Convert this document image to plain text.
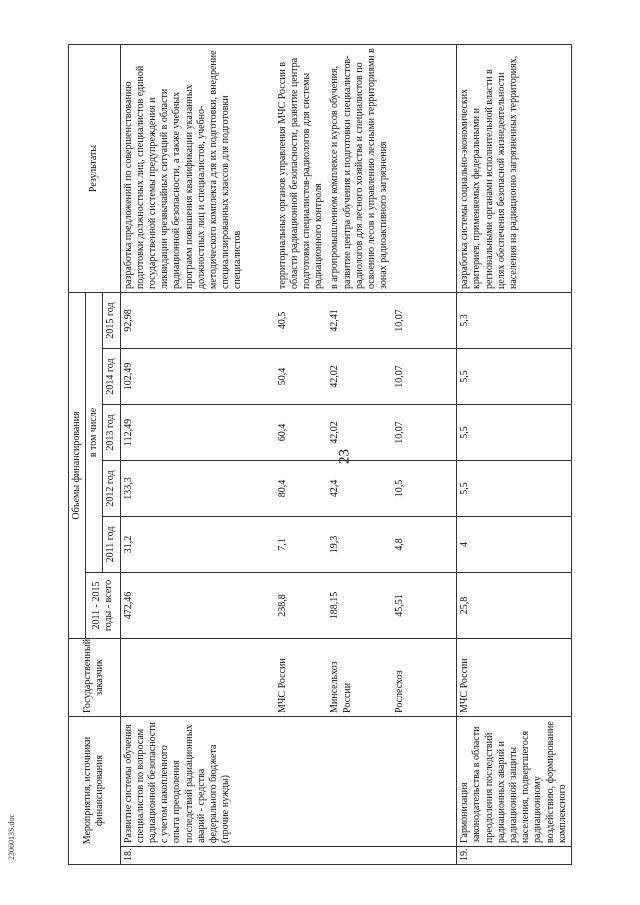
23
2306013S.doc	Мероприятия, источники финансирования		Государственный заказчик	Объемы финансирования						Результаты
			2011 - 2015 годы - всего	в том числе					
				2011 год	2012 год	2013 год	2014 год	2015 год	
18.	Развитие системы обучения специалистов по вопросам радиационной безопасности с учетом накопленного опыта преодоления последствий радиационных аварий - средства федерального бюджета (прочие нужды)		472,46	31,2	133,3	112,49	102,49	92,98	разработка предложений по совершенствованию подготовки должностных лиц, специалистов единой государственной системы предупреждения и ликвидации чрезвычайных ситуаций в области радиационной безопасности, а также учебных программ повышения квалификации указанных должностных лиц и специалистов, учебно-методического комплекта для их подготовки, внедрение специализированных классов для подготовки специалистов
		МЧС России	238,8	7,1	80,4	60,4	50,4	40,5	территориальных органов управления МЧС России в области радиационной безопасности, развитие центра подготовки специалистов-радиологов для системы радиационного контроля
		Минсельхоз России	188,15	19,3	42,4	42,02	42,02	42,41	в агропромышленном комплексе и курсов обучения, развитие центра обучения и подготовки специалистов-радиологов для лесного хозяйства и специалистов по освоению лесов и управлению лесными территориями в зонах радиоактивного загрязнения
		Рослесхоз	45,51	4,8	10,5	10,07	10,07	10,07	
19.	Гармонизация законодательства в области преодоления последствий радиационных аварий и радиационной защиты населения, подвергшегося радиационному воздействию, формирование комплексного	МЧС России	25,8	4	5,5	5,5	5,5	5,3	разработка системы социально-экономических критериев, применяемых федеральными и региональными органами исполнительной власти в целях обеспечения безопасной жизнедеятельности населения на радиационно загрязненных территориях,
